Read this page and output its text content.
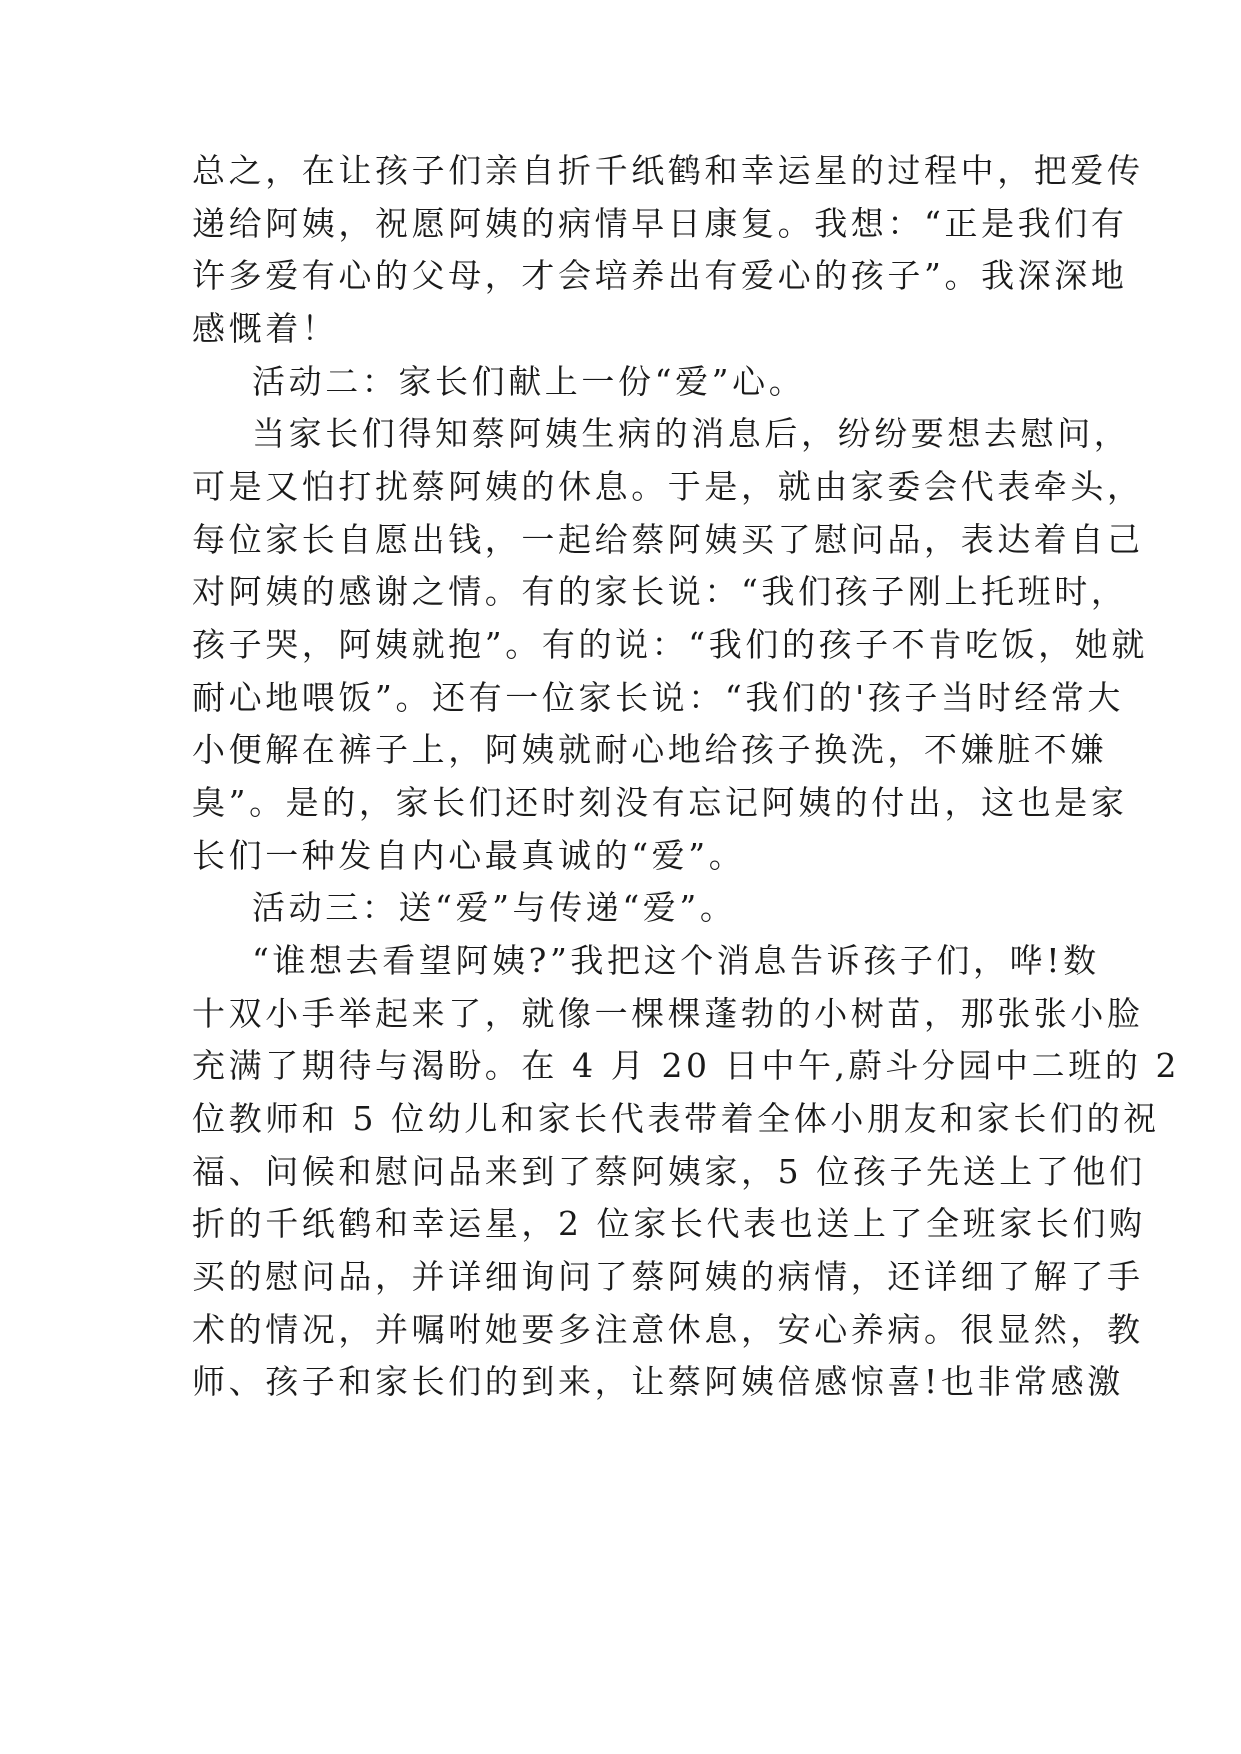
总之，在让孩子们亲自折千纸鹤和幸运星的过程中，把爱传
递给阿姨，祝愿阿姨的病情早日康复。我想：“正是我们有
许多爱有心的父母，才会培养出有爱心的孩子”。我深深地
感慨着！
活动二：家长们献上一份“爱”心。
当家长们得知蔡阿姨生病的消息后，纷纷要想去慰问，
可是又怕打扰蔡阿姨的休息。于是，就由家委会代表牵头，
每位家长自愿出钱，一起给蔡阿姨买了慰问品，表达着自己
对阿姨的感谢之情。有的家长说：“我们孩子刚上托班时，
孩子哭，阿姨就抱”。有的说：“我们的孩子不肯吃饭，她就
耐心地喂饭”。还有一位家长说：“我们的'孩子当时经常大
小便解在裤子上，阿姨就耐心地给孩子换洗，不嫌脏不嫌
臭”。是的，家长们还时刻没有忘记阿姨的付出，这也是家
长们一种发自内心最真诚的“爱”。
活动三：送“爱”与传递“爱”。
“谁想去看望阿姨?”我把这个消息告诉孩子们，哗!数
十双小手举起来了，就像一棵棵蓬勃的小树苗，那张张小脸
充满了期待与渴盼。在 4 月 20 日中午,蔚斗分园中二班的 2
位教师和 5 位幼儿和家长代表带着全体小朋友和家长们的祝
福、问候和慰问品来到了蔡阿姨家，5 位孩子先送上了他们
折的千纸鹤和幸运星，2 位家长代表也送上了全班家长们购
买的慰问品，并详细询问了蔡阿姨的病情，还详细了解了手
术的情况，并嘱咐她要多注意休息，安心养病。很显然，教
师、孩子和家长们的到来，让蔡阿姨倍感惊喜!也非常感激
